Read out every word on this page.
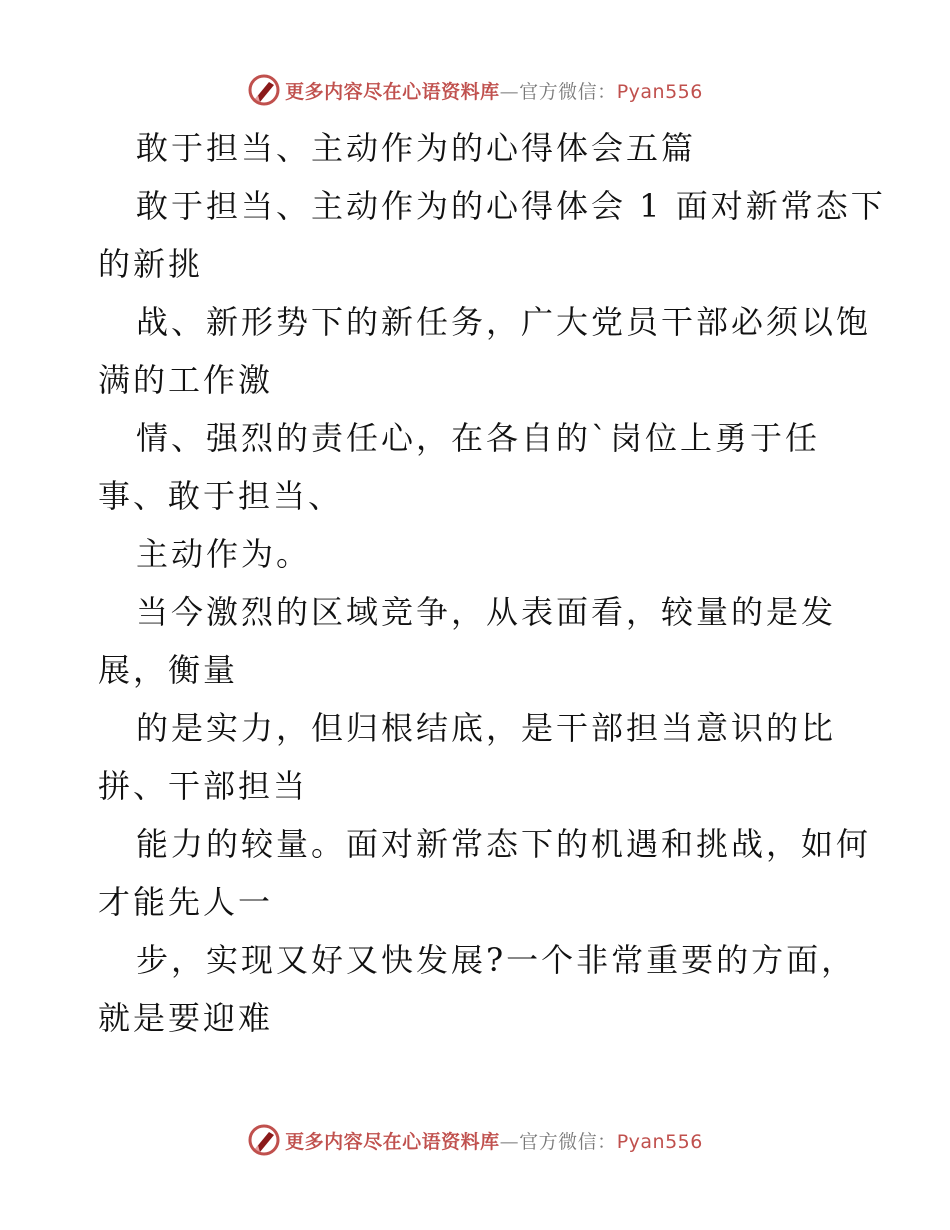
更多内容尽在心语资料库—官方微信：Pyan556
敢于担当、主动作为的心得体会五篇
敢于担当、主动作为的心得体会 1 面对新常态下
的新挑
战、新形势下的新任务，广大党员干部必须以饱
满的工作激
情、强烈的责任心，在各自的`岗位上勇于任
事、敢于担当、
主动作为。
当今激烈的区域竞争，从表面看，较量的是发
展，衡量
的是实力，但归根结底，是干部担当意识的比
拼、干部担当
能力的较量。面对新常态下的机遇和挑战，如何
才能先人一
步，实现又好又快发展?一个非常重要的方面，
就是要迎难
更多内容尽在心语资料库—官方微信：Pyan556
